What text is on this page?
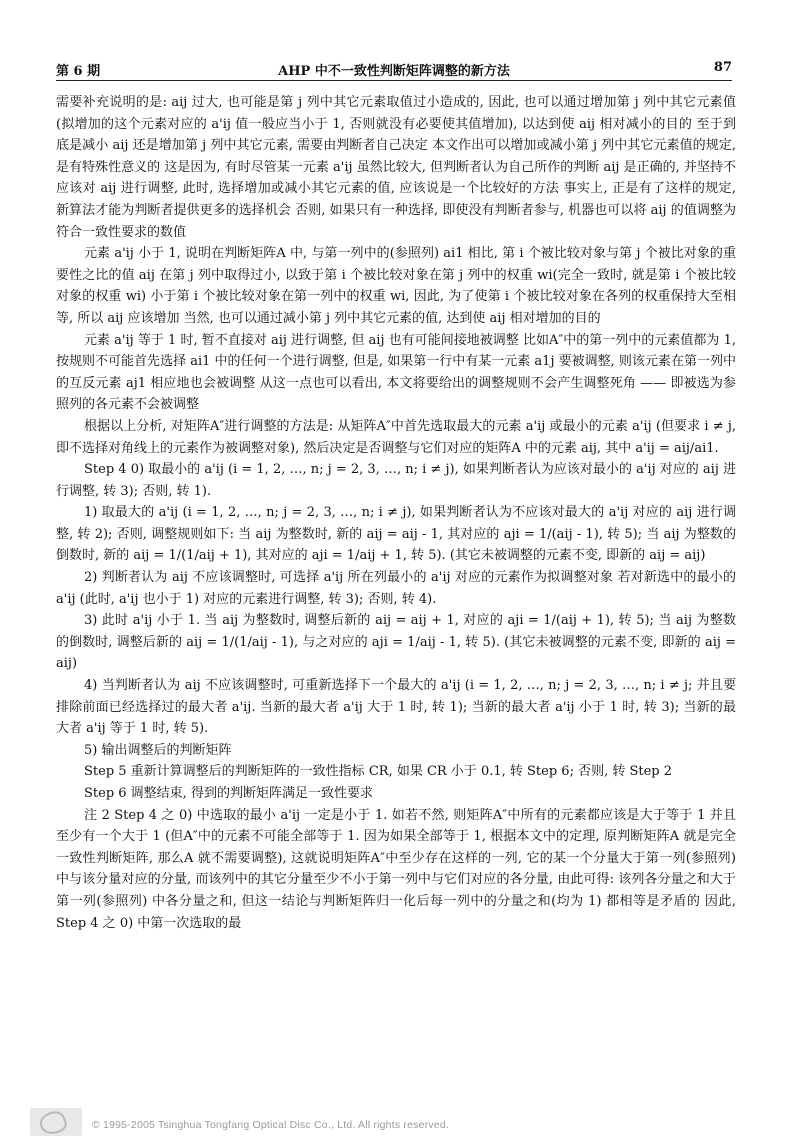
第 6 期	AHP 中不一致性判断矩阵调整的新方法	87

需要补充说明的是: aij 过大, 也可能是第 j 列中其它元素取值过小造成的, 因此, 也可以通过增加第 j 列中其它元素值(拟增加的这个元素对应的 a'ij 值一般应当小于 1, 否则就没有必要使其值增加), 以达到使 aij 相对减小的目的 至于到底是减小 aij 还是增加第 j 列中其它元素, 需要由判断者自己决定 本文作出可以增加或减小第 j 列中其它元素值的规定, 是有特殊性意义的 这是因为, 有时尽管某一元素 a'ij 虽然比较大, 但判断者认为自己所作的判断 aij 是正确的, 并坚持不应该对 aij 进行调整, 此时, 选择增加或减小其它元素的值, 应该说是一个比较好的方法 事实上, 正是有了这样的规定, 新算法才能为判断者提供更多的选择机会 否则, 如果只有一种选择, 即使没有判断者参与, 机器也可以将 aij 的值调整为符合一致性要求的数值

元素 a'ij 小于 1, 说明在判断矩阵A 中, 与第一列中的(参照列) ai1 相比, 第 i 个被比较对象与第 j 个被比对象的重要性之比的值 aij 在第 j 列中取得过小, 以致于第 i 个被比较对象在第 j 列中的权重 wi(完全一致时, 就是第 i 个被比较对象的权重 wi) 小于第 i 个被比较对象在第一列中的权重 wi, 因此, 为了使第 i 个被比较对象在各列的权重保持大至相等, 所以 aij 应该增加 当然, 也可以通过减小第 j 列中其它元素的值, 达到使 aij 相对增加的目的

元素 a'ij 等于 1 时, 暂不直接对 aij 进行调整, 但 aij 也有可能间接地被调整 比如A″中的第一列中的元素值都为 1, 按规则不可能首先选择 ai1 中的任何一个进行调整, 但是, 如果第一行中有某一元素 a1j 要被调整, 则该元素在第一列中的互反元素 aj1 相应地也会被调整 从这一点也可以看出, 本文将要给出的调整规则不会产生调整死角 —— 即被选为参照列的各元素不会被调整

根据以上分析, 对矩阵A″进行调整的方法是: 从矩阵A″中首先选取最大的元素 a'ij 或最小的元素 a'ij (但要求 i ≠ j, 即不选择对角线上的元素作为被调整对象), 然后决定是否调整与它们对应的矩阵A 中的元素 aij, 其中 a'ij = aij/ai1.

Step 4 0) 取最小的 a'ij (i = 1, 2, …, n; j = 2, 3, …, n; i ≠ j), 如果判断者认为应该对最小的 a'ij 对应的 aij 进行调整, 转 3); 否则, 转 1).

1) 取最大的 a'ij (i = 1, 2, …, n; j = 2, 3, …, n; i ≠ j), 如果判断者认为不应该对最大的 a'ij 对应的 aij 进行调整, 转 2); 否则, 调整规则如下: 当 aij 为整数时, 新的 aij = aij - 1, 其对应的 aji = 1/(aij - 1), 转 5); 当 aij 为整数的倒数时, 新的 aij = 1/(1/aij + 1), 其对应的 aji = 1/aij + 1, 转 5). (其它未被调整的元素不变, 即新的 aij = aij)

2) 判断者认为 aij 不应该调整时, 可选择 a'ij 所在列最小的 a'ij 对应的元素作为拟调整对象 若对新选中的最小的 a'ij (此时, a'ij 也小于 1) 对应的元素进行调整, 转 3); 否则, 转 4).

3) 此时 a'ij 小于 1. 当 aij 为整数时, 调整后新的 aij = aij + 1, 对应的 aji = 1/(aij + 1), 转 5); 当 aij 为整数的倒数时, 调整后新的 aij = 1/(1/aij - 1), 与之对应的 aji = 1/aij - 1, 转 5). (其它未被调整的元素不变, 即新的 aij = aij)

4) 当判断者认为 aij 不应该调整时, 可重新选择下一个最大的 a'ij (i = 1, 2, …, n; j = 2, 3, …, n; i ≠ j; 并且要排除前面已经选择过的最大者 a'ij. 当新的最大者 a'ij 大于 1 时, 转 1); 当新的最大者 a'ij 小于 1 时, 转 3); 当新的最大者 a'ij 等于 1 时, 转 5).

5) 输出调整后的判断矩阵

Step 5 重新计算调整后的判断矩阵的一致性指标 CR, 如果 CR 小于 0.1, 转 Step 6; 否则, 转 Step 2

Step 6 调整结束, 得到的判断矩阵满足一致性要求

注 2 Step 4 之 0) 中选取的最小 a'ij 一定是小于 1. 如若不然, 则矩阵A″中所有的元素都应该是大于等于 1 并且至少有一个大于 1 (但A″中的元素不可能全部等于 1. 因为如果全部等于 1, 根据本文中的定理, 原判断矩阵A 就是完全一致性判断矩阵, 那么A 就不需要调整), 这就说明矩阵A″中至少存在这样的一列, 它的某一个分量大于第一列(参照列) 中与该分量对应的分量, 而该列中的其它分量至少不小于第一列中与它们对应的各分量, 由此可得: 该列各分量之和大于第一列(参照列) 中各分量之和, 但这一结论与判断矩阵归一化后每一列中的分量之和(均为 1) 都相等是矛盾的 因此, Step 4 之 0) 中第一次选取的最

© 1995-2005 Tsinghua Tongfang Optical Disc Co., Ltd. All rights reserved.
